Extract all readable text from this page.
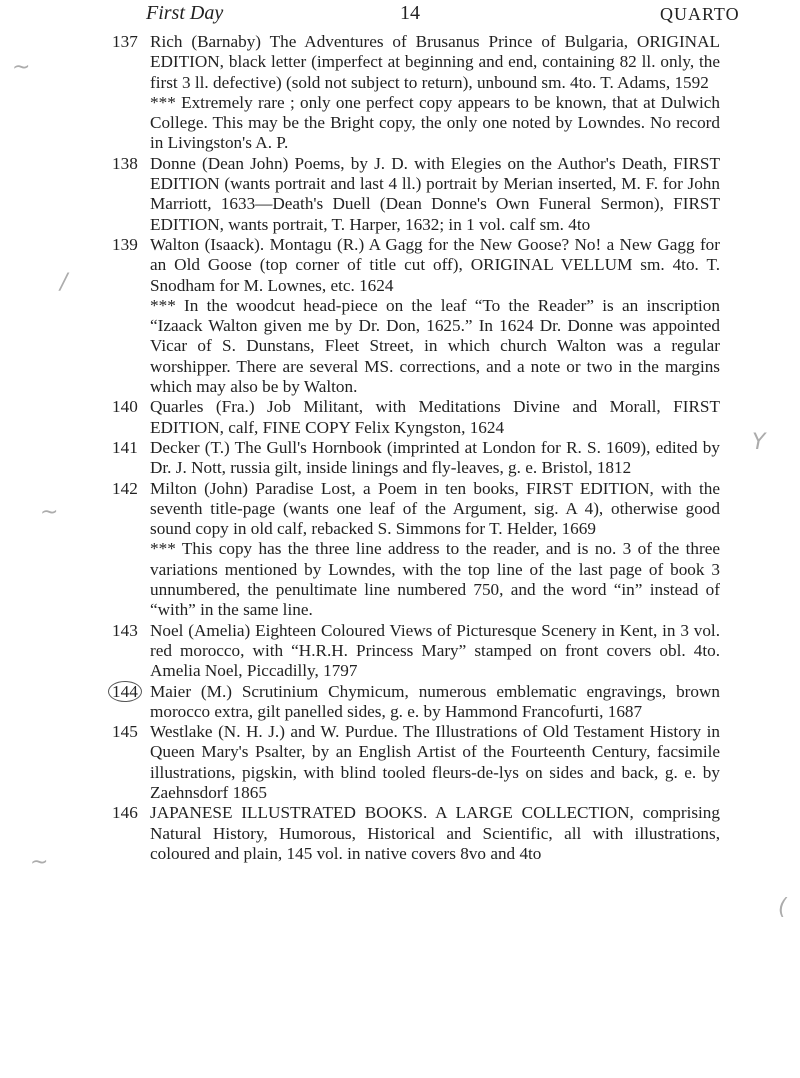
First Day	14	QUARTO
~
/
Y
~
~
(
137 Rich (Barnaby) The Adventures of Brusanus Prince of Bulgaria, ORIGINAL EDITION, black letter (imperfect at beginning and end, containing 82 ll. only, the first 3 ll. defective) (sold not subject to return), unbound sm. 4to. T. Adams, 1592

*** Extremely rare ; only one perfect copy appears to be known, that at Dulwich College. This may be the Bright copy, the only one noted by Lowndes. No record in Livingston's A. P.

138 Donne (Dean John) Poems, by J. D. with Elegies on the Author's Death, FIRST EDITION (wants portrait and last 4 ll.) portrait by Merian inserted, M. F. for John Marriott, 1633—Death's Duell (Dean Donne's Own Funeral Sermon), FIRST EDITION, wants portrait, T. Harper, 1632; in 1 vol. calf sm. 4to

139 Walton (Isaack). Montagu (R.) A Gagg for the New Goose? No! a New Gagg for an Old Goose (top corner of title cut off), ORIGINAL VELLUM sm. 4to. T. Snodham for M. Lownes, etc. 1624

*** In the woodcut head-piece on the leaf “To the Reader” is an inscription “Izaack Walton given me by Dr. Don, 1625.” In 1624 Dr. Donne was appointed Vicar of S. Dunstans, Fleet Street, in which church Walton was a regular worshipper. There are several MS. corrections, and a note or two in the margins which may also be by Walton.

140 Quarles (Fra.) Job Militant, with Meditations Divine and Morall, FIRST EDITION, calf, FINE COPY Felix Kyngston, 1624

141 Decker (T.) The Gull's Hornbook (imprinted at London for R. S. 1609), edited by Dr. J. Nott, russia gilt, inside linings and fly-leaves, g. e. Bristol, 1812

142 Milton (John) Paradise Lost, a Poem in ten books, FIRST EDITION, with the seventh title-page (wants one leaf of the Argument, sig. A 4), otherwise good sound copy in old calf, rebacked S. Simmons for T. Helder, 1669

*** This copy has the three line address to the reader, and is no. 3 of the three variations mentioned by Lowndes, with the top line of the last page of book 3 unnumbered, the penultimate line numbered 750, and the word “in” instead of “with” in the same line.

143 Noel (Amelia) Eighteen Coloured Views of Picturesque Scenery in Kent, in 3 vol. red morocco, with “H.R.H. Princess Mary” stamped on front covers obl. 4to. Amelia Noel, Piccadilly, 1797

144 Maier (M.) Scrutinium Chymicum, numerous emblematic engravings, brown morocco extra, gilt panelled sides, g. e. by Hammond Francofurti, 1687

145 Westlake (N. H. J.) and W. Purdue. The Illustrations of Old Testament History in Queen Mary's Psalter, by an English Artist of the Fourteenth Century, facsimile illustrations, pigskin, with blind tooled fleurs-de-lys on sides and back, g. e. by Zaehnsdorf 1865

146 JAPANESE ILLUSTRATED BOOKS. A LARGE COLLECTION, comprising Natural History, Humorous, Historical and Scientific, all with illustrations, coloured and plain, 145 vol. in native covers 8vo and 4to
